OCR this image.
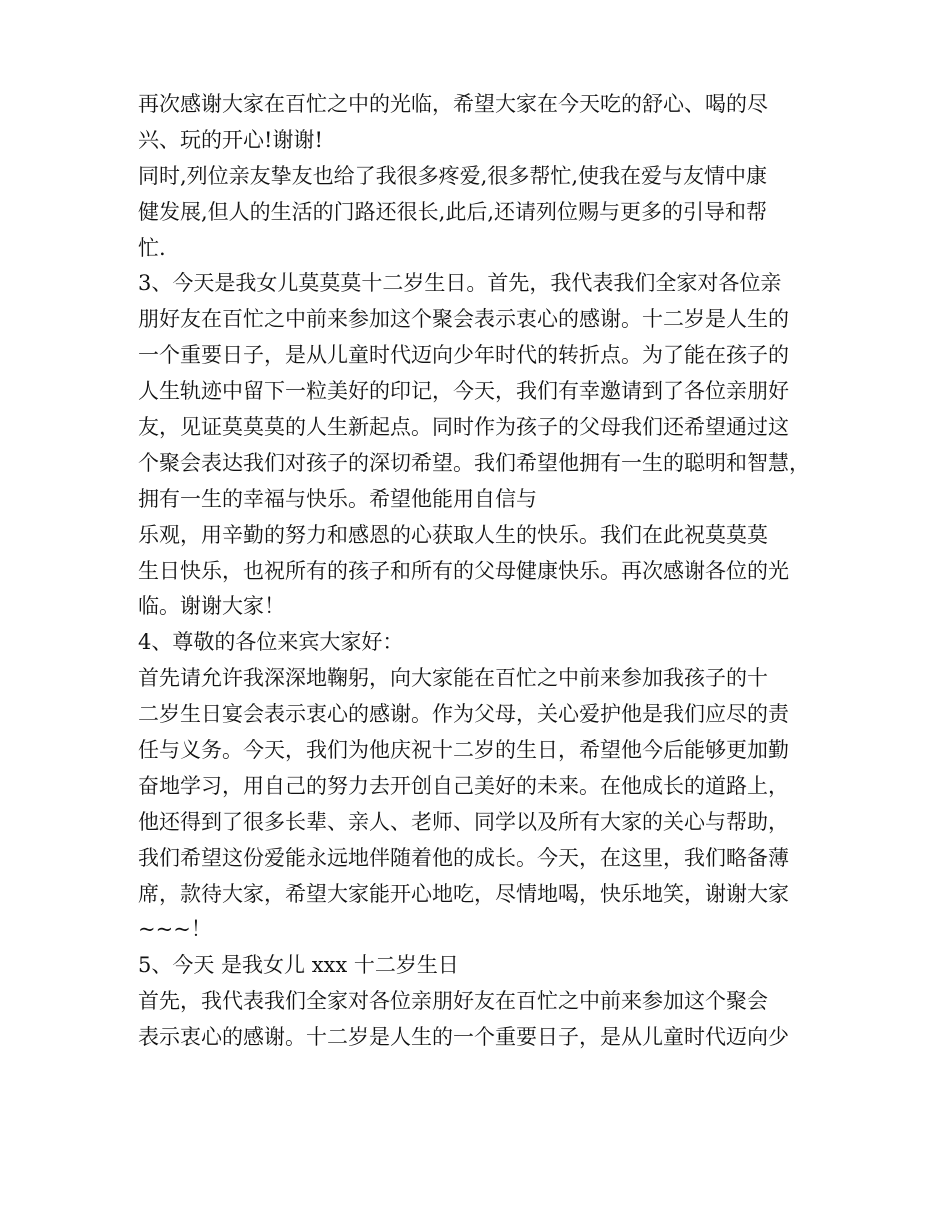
再次感谢大家在百忙之中的光临，希望大家在今天吃的舒心、喝的尽
兴、玩的开心!谢谢!
同时,列位亲友挚友也给了我很多疼爱,很多帮忙,使我在爱与友情中康
健发展,但人的生活的门路还很长,此后,还请列位赐与更多的引导和帮
忙.
3、今天是我女儿莫莫莫十二岁生日。首先，我代表我们全家对各位亲
朋好友在百忙之中前来参加这个聚会表示衷心的感谢。十二岁是人生的
一个重要日子，是从儿童时代迈向少年时代的转折点。为了能在孩子的
人生轨迹中留下一粒美好的印记，今天，我们有幸邀请到了各位亲朋好
友，见证莫莫莫的人生新起点。同时作为孩子的父母我们还希望通过这
个聚会表达我们对孩子的深切希望。我们希望他拥有一生的聪明和智慧，
拥有一生的幸福与快乐。希望他能用自信与
乐观，用辛勤的努力和感恩的心获取人生的快乐。我们在此祝莫莫莫
生日快乐，也祝所有的孩子和所有的父母健康快乐。再次感谢各位的光
临。谢谢大家！
4、尊敬的各位来宾大家好：
首先请允许我深深地鞠躬，向大家能在百忙之中前来参加我孩子的十
二岁生日宴会表示衷心的感谢。作为父母，关心爱护他是我们应尽的责
任与义务。今天，我们为他庆祝十二岁的生日，希望他今后能够更加勤
奋地学习，用自己的努力去开创自己美好的未来。在他成长的道路上，
他还得到了很多长辈、亲人、老师、同学以及所有大家的关心与帮助，
我们希望这份爱能永远地伴随着他的成长。今天，在这里，我们略备薄
席，款待大家，希望大家能开心地吃，尽情地喝，快乐地笑，谢谢大家
~~~！
5、今天 是我女儿 xxx 十二岁生日
首先，我代表我们全家对各位亲朋好友在百忙之中前来参加这个聚会
表示衷心的感谢。十二岁是人生的一个重要日子，是从儿童时代迈向少
